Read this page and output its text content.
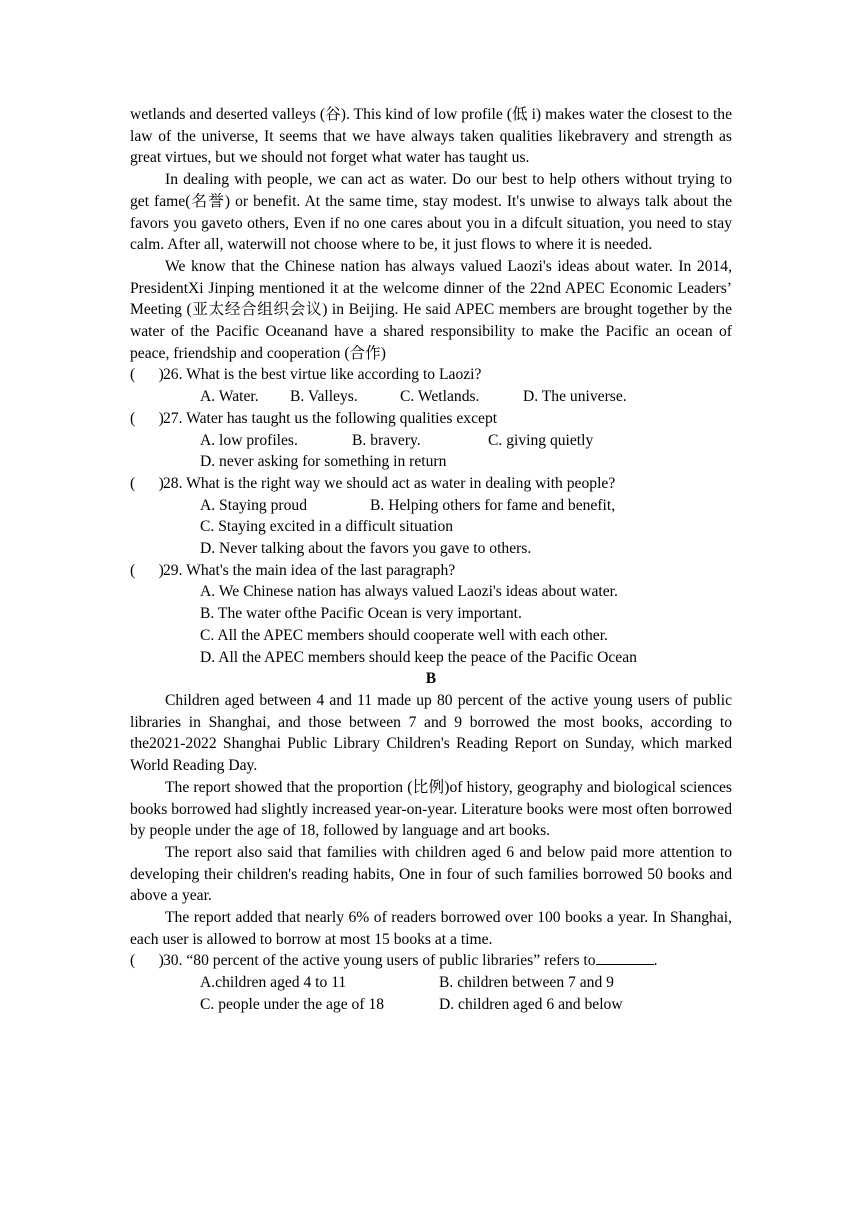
wetlands and deserted valleys (谷). This kind of low profile (低 i) makes water the closest to the law of the universe, It seems that we have always taken qualities likebravery and strength as great virtues, but we should not forget what water has taught us.

In dealing with people, we can act as water. Do our best to help others without trying to get fame(名誉) or benefit. At the same time, stay modest. It's unwise to always talk about the favors you gaveto others, Even if no one cares about you in a difcult situation, you need to stay calm. After all, waterwill not choose where to be, it just flows to where it is needed.

We know that the Chinese nation has always valued Laozi's ideas about water. In 2014, PresidentXi Jinping mentioned it at the welcome dinner of the 22nd APEC Economic Leaders’ Meeting (亚太经合组织会议) in Beijing. He said APEC members are brought together by the water of the Pacific Oceanand have a shared responsibility to make the Pacific an ocean of peace, friendship and cooperation (合作)

(      ) 26. What is the best virtue like according to Laozi?
A. Water. B. Valleys.	C. Wetlands.	D. The universe.
(      ) 27. Water has taught us the following qualities except
A. low profiles.	B. bravery.	C. giving quietly
D. never asking for something in return
(      ) 28. What is the right way we should act as water in dealing with people?
A. Staying proud	B. Helping others for fame and benefit,
C. Staying excited in a difficult situation
D. Never talking about the favors you gave to others.
(      ) 29. What's the main idea of the last paragraph?
A. We Chinese nation has always valued Laozi's ideas about water.
B. The water ofthe Pacific Ocean is very important.
C. All the APEC members should cooperate well with each other.
D. All the APEC members should keep the peace of the Pacific Ocean
B

Children aged between 4 and 11 made up 80 percent of the active young users of public libraries in Shanghai, and those between 7 and 9 borrowed the most books, according to the2021-2022 Shanghai Public Library Children's Reading Report on Sunday, which marked World Reading Day.

The report showed that the proportion (比例)of history, geography and biological sciences books borrowed had slightly increased year-on-year. Literature books were most often borrowed by people under the age of 18, followed by language and art books.

The report also said that families with children aged 6 and below paid more attention to developing their children's reading habits, One in four of such families borrowed 50 books and above a year.

The report added that nearly 6% of readers borrowed over 100 books a year. In Shanghai, each user is allowed to borrow at most 15 books at a time.

(      ) 30. “80 percent of the active young users of public libraries” refers to	.
A.children aged 4 to 11	B. children between 7 and 9
C. people under the age of 18	D. children aged 6 and below
